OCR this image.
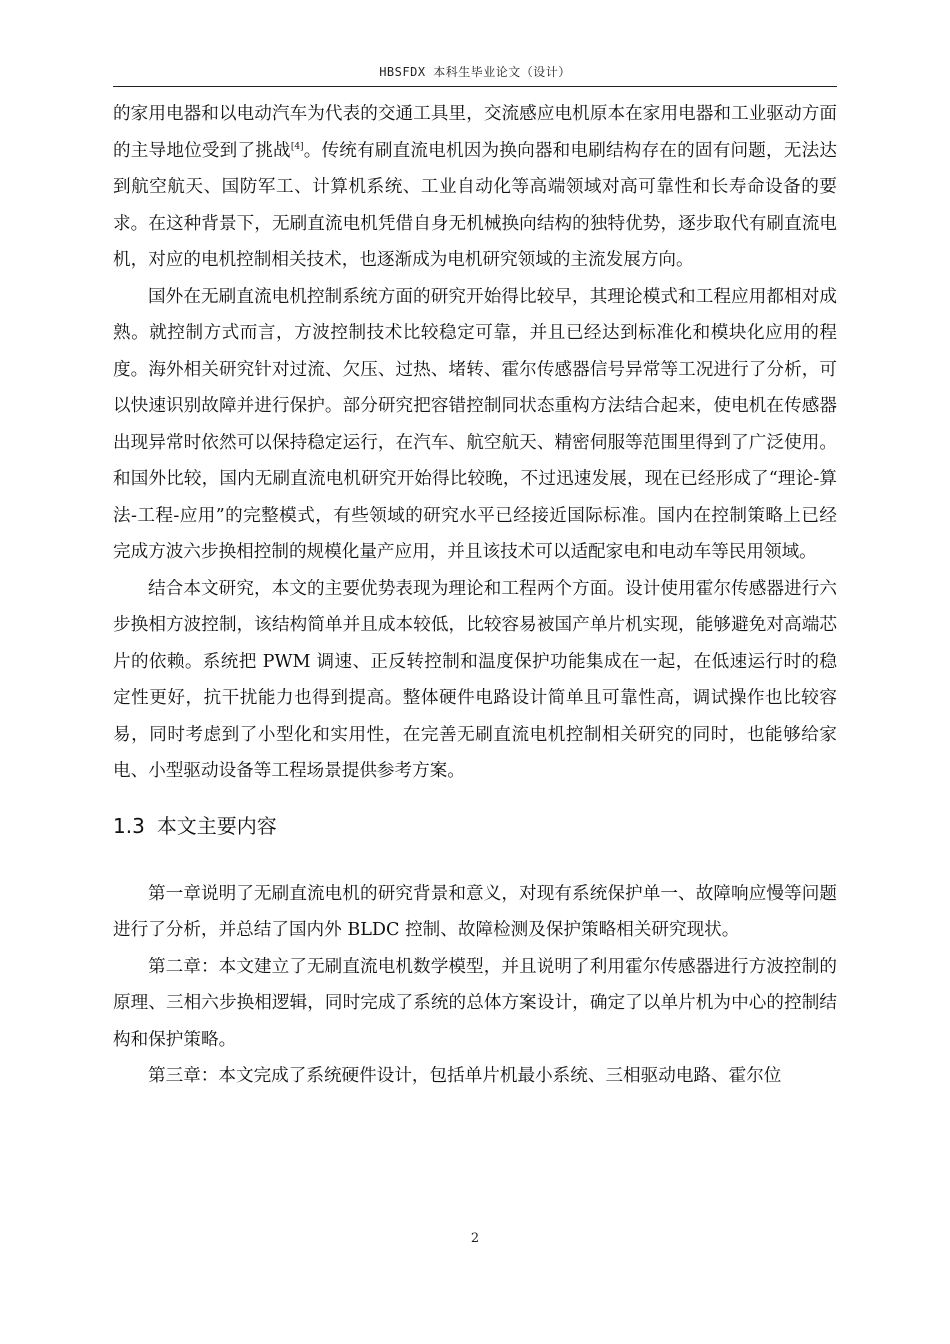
HBSFDX 本科生毕业论文（设计）

的家用电器和以电动汽车为代表的交通工具里，交流感应电机原本在家用电器和工业驱动方面的主导地位受到了挑战[4]。传统有刷直流电机因为换向器和电刷结构存在的固有问题，无法达到航空航天、国防军工、计算机系统、工业自动化等高端领域对高可靠性和长寿命设备的要求。在这种背景下，无刷直流电机凭借自身无机械换向结构的独特优势，逐步取代有刷直流电机，对应的电机控制相关技术，也逐渐成为电机研究领域的主流发展方向。

国外在无刷直流电机控制系统方面的研究开始得比较早，其理论模式和工程应用都相对成熟。就控制方式而言，方波控制技术比较稳定可靠，并且已经达到标准化和模块化应用的程度。海外相关研究针对过流、欠压、过热、堵转、霍尔传感器信号异常等工况进行了分析，可以快速识别故障并进行保护。部分研究把容错控制同状态重构方法结合起来，使电机在传感器出现异常时依然可以保持稳定运行，在汽车、航空航天、精密伺服等范围里得到了广泛使用。和国外比较，国内无刷直流电机研究开始得比较晚，不过迅速发展，现在已经形成了“理论-算法-工程-应用”的完整模式，有些领域的研究水平已经接近国际标准。国内在控制策略上已经完成方波六步换相控制的规模化量产应用，并且该技术可以适配家电和电动车等民用领域。

结合本文研究，本文的主要优势表现为理论和工程两个方面。设计使用霍尔传感器进行六步换相方波控制，该结构简单并且成本较低，比较容易被国产单片机实现，能够避免对高端芯片的依赖。系统把 PWM 调速、正反转控制和温度保护功能集成在一起，在低速运行时的稳定性更好，抗干扰能力也得到提高。整体硬件电路设计简单且可靠性高，调试操作也比较容易，同时考虑到了小型化和实用性，在完善无刷直流电机控制相关研究的同时，也能够给家电、小型驱动设备等工程场景提供参考方案。

1.3 本文主要内容

第一章说明了无刷直流电机的研究背景和意义，对现有系统保护单一、故障响应慢等问题进行了分析，并总结了国内外 BLDC 控制、故障检测及保护策略相关研究现状。

第二章：本文建立了无刷直流电机数学模型，并且说明了利用霍尔传感器进行方波控制的原理、三相六步换相逻辑，同时完成了系统的总体方案设计，确定了以单片机为中心的控制结构和保护策略。

第三章：本文完成了系统硬件设计，包括单片机最小系统、三相驱动电路、霍尔位

2
